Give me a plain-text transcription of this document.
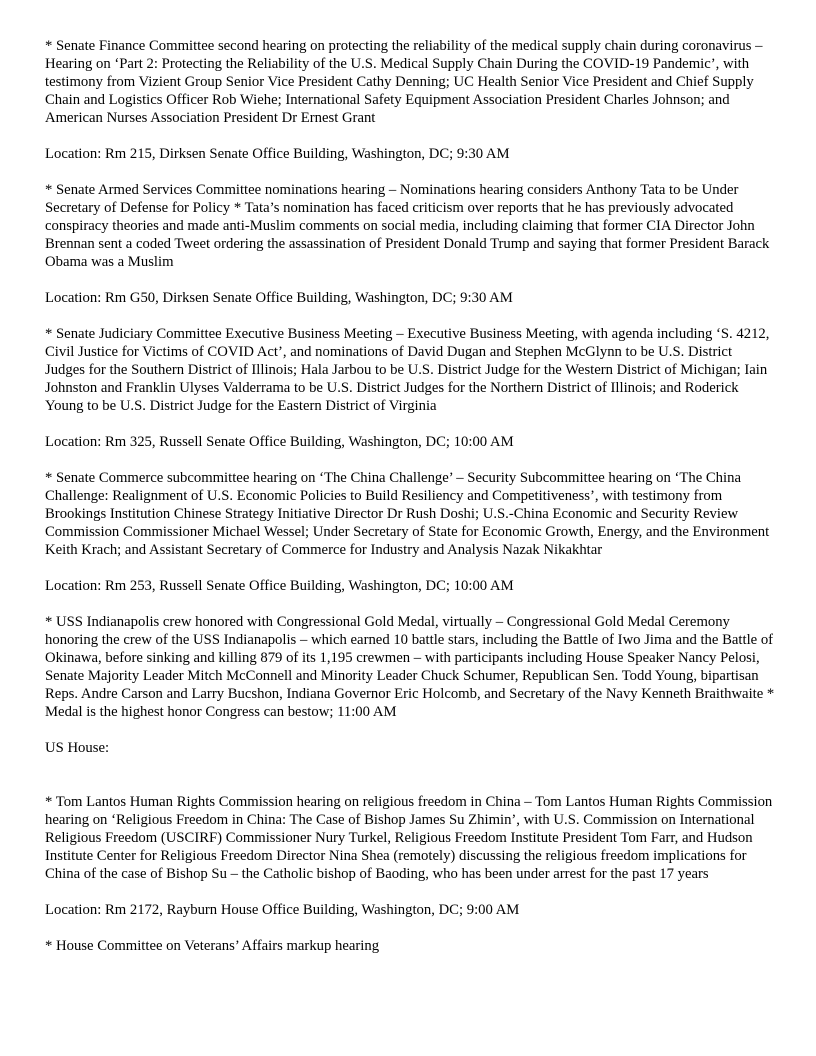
* Senate Finance Committee second hearing on protecting the reliability of the medical supply chain during coronavirus – Hearing on ‘Part 2: Protecting the Reliability of the U.S. Medical Supply Chain During the COVID-19 Pandemic’, with testimony from Vizient Group Senior Vice President Cathy Denning; UC Health Senior Vice President and Chief Supply Chain and Logistics Officer Rob Wiehe; International Safety Equipment Association President Charles Johnson; and American Nurses Association President Dr Ernest Grant

Location: Rm 215, Dirksen Senate Office Building, Washington, DC; 9:30 AM

* Senate Armed Services Committee nominations hearing – Nominations hearing considers Anthony Tata to be Under Secretary of Defense for Policy * Tata’s nomination has faced criticism over reports that he has previously advocated conspiracy theories and made anti-Muslim comments on social media, including claiming that former CIA Director John Brennan sent a coded Tweet ordering the assassination of President Donald Trump and saying that former President Barack Obama was a Muslim

Location: Rm G50, Dirksen Senate Office Building, Washington, DC; 9:30 AM

* Senate Judiciary Committee Executive Business Meeting – Executive Business Meeting, with agenda including ‘S. 4212, Civil Justice for Victims of COVID Act’, and nominations of David Dugan and Stephen McGlynn to be U.S. District Judges for the Southern District of Illinois; Hala Jarbou to be U.S. District Judge for the Western District of Michigan; Iain Johnston and Franklin Ulyses Valderrama to be U.S. District Judges for the Northern District of Illinois; and Roderick Young to be U.S. District Judge for the Eastern District of Virginia

Location: Rm 325, Russell Senate Office Building, Washington, DC; 10:00 AM

* Senate Commerce subcommittee hearing on ‘The China Challenge’ – Security Subcommittee hearing on ‘The China Challenge: Realignment of U.S. Economic Policies to Build Resiliency and Competitiveness’, with testimony from Brookings Institution Chinese Strategy Initiative Director Dr Rush Doshi; U.S.-China Economic and Security Review Commission Commissioner Michael Wessel; Under Secretary of State for Economic Growth, Energy, and the Environment Keith Krach; and Assistant Secretary of Commerce for Industry and Analysis Nazak Nikakhtar

Location: Rm 253, Russell Senate Office Building, Washington, DC; 10:00 AM

* USS Indianapolis crew honored with Congressional Gold Medal, virtually – Congressional Gold Medal Ceremony honoring the crew of the USS Indianapolis – which earned 10 battle stars, including the Battle of Iwo Jima and the Battle of Okinawa, before sinking and killing 879 of its 1,195 crewmen – with participants including House Speaker Nancy Pelosi, Senate Majority Leader Mitch McConnell and Minority Leader Chuck Schumer, Republican Sen. Todd Young, bipartisan Reps. Andre Carson and Larry Bucshon, Indiana Governor Eric Holcomb, and Secretary of the Navy Kenneth Braithwaite * Medal is the highest honor Congress can bestow; 11:00 AM

US House:

* Tom Lantos Human Rights Commission hearing on religious freedom in China – Tom Lantos Human Rights Commission hearing on ‘Religious Freedom in China: The Case of Bishop James Su Zhimin’, with U.S. Commission on International Religious Freedom (USCIRF) Commissioner Nury Turkel, Religious Freedom Institute President Tom Farr, and Hudson Institute Center for Religious Freedom Director Nina Shea (remotely) discussing the religious freedom implications for China of the case of Bishop Su – the Catholic bishop of Baoding, who has been under arrest for the past 17 years

Location: Rm 2172, Rayburn House Office Building, Washington, DC; 9:00 AM

* House Committee on Veterans’ Affairs markup hearing
